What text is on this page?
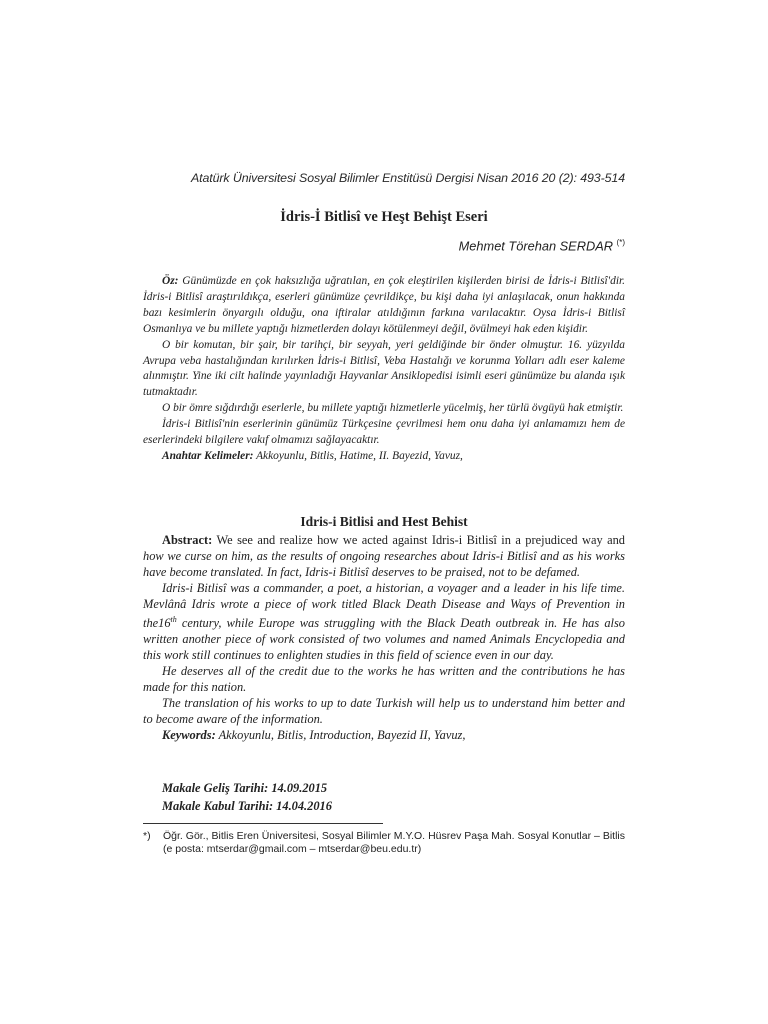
Atatürk Üniversitesi Sosyal Bilimler Enstitüsü Dergisi Nisan 2016 20 (2): 493-514
İdris-İ Bitlisî ve Heşt Behişt Eseri
Mehmet Törehan SERDAR (*)

Öz: Günümüzde en çok haksızlığa uğratılan, en çok eleştirilen kişilerden birisi de İdris-i Bitlisî'dir. İdris-i Bitlisî araştırıldıkça, eserleri günümüze çevrildikçe, bu kişi daha iyi anlaşılacak, onun hakkında bazı kesimlerin önyargılı olduğu, ona iftiralar atıldığının farkına varılacaktır. Oysa İdris-i Bitlisî Osmanlıya ve bu millete yaptığı hizmetlerden dolayı kötülenmeyi değil, övülmeyi hak eden kişidir.

O bir komutan, bir şair, bir tarihçi, bir seyyah, yeri geldiğinde bir önder olmuştur. 16. yüzyılda Avrupa veba hastalığından kırılırken İdris-i Bitlisî, Veba Hastalığı ve korunma Yolları adlı eser kaleme alınmıştır. Yine iki cilt halinde yayınladığı Hayvanlar Ansiklopedisi isimli eseri günümüze bu alanda ışık tutmaktadır.

O bir ömre sığdırdığı eserlerle, bu millete yaptığı hizmetlerle yücelmiş, her türlü övgüyü hak etmiştir.

İdris-i Bitlisî'nin eserlerinin günümüz Türkçesine çevrilmesi hem onu daha iyi anlamamızı hem de eserlerindeki bilgilere vakıf olmamızı sağlayacaktır.

Anahtar Kelimeler: Akkoyunlu, Bitlis, Hatime, II. Bayezid, Yavuz,

Idris-i Bitlisi and Hest Behist

Abstract: We see and realize how we acted against Idris-i Bitlisî in a prejudiced way and how we curse on him, as the results of ongoing researches about Idris-i Bitlisî and as his works have become translated. In fact, Idris-i Bitlisî deserves to be praised, not to be defamed.

Idris-i Bitlisî was a commander, a poet, a historian, a voyager and a leader in his life time. Mevlânâ Idris wrote a piece of work titled Black Death Disease and Ways of Prevention in the16th century, while Europe was struggling with the Black Death outbreak in. He has also written another piece of work consisted of two volumes and named Animals Encyclopedia and this work still continues to enlighten studies in this field of science even in our day.

He deserves all of the credit due to the works he has written and the contributions he has made for this nation.

The translation of his works to up to date Turkish will help us to understand him better and to become aware of the information.

Keywords: Akkoyunlu, Bitlis, Introduction, Bayezid II, Yavuz,

Makale Geliş Tarihi: 14.09.2015
Makale Kabul Tarihi: 14.04.2016
*) Öğr. Gör., Bitlis Eren Üniversitesi, Sosyal Bilimler M.Y.O. Hüsrev Paşa Mah. Sosyal Konutlar – Bitlis (e posta: mtserdar@gmail.com – mtserdar@beu.edu.tr)
